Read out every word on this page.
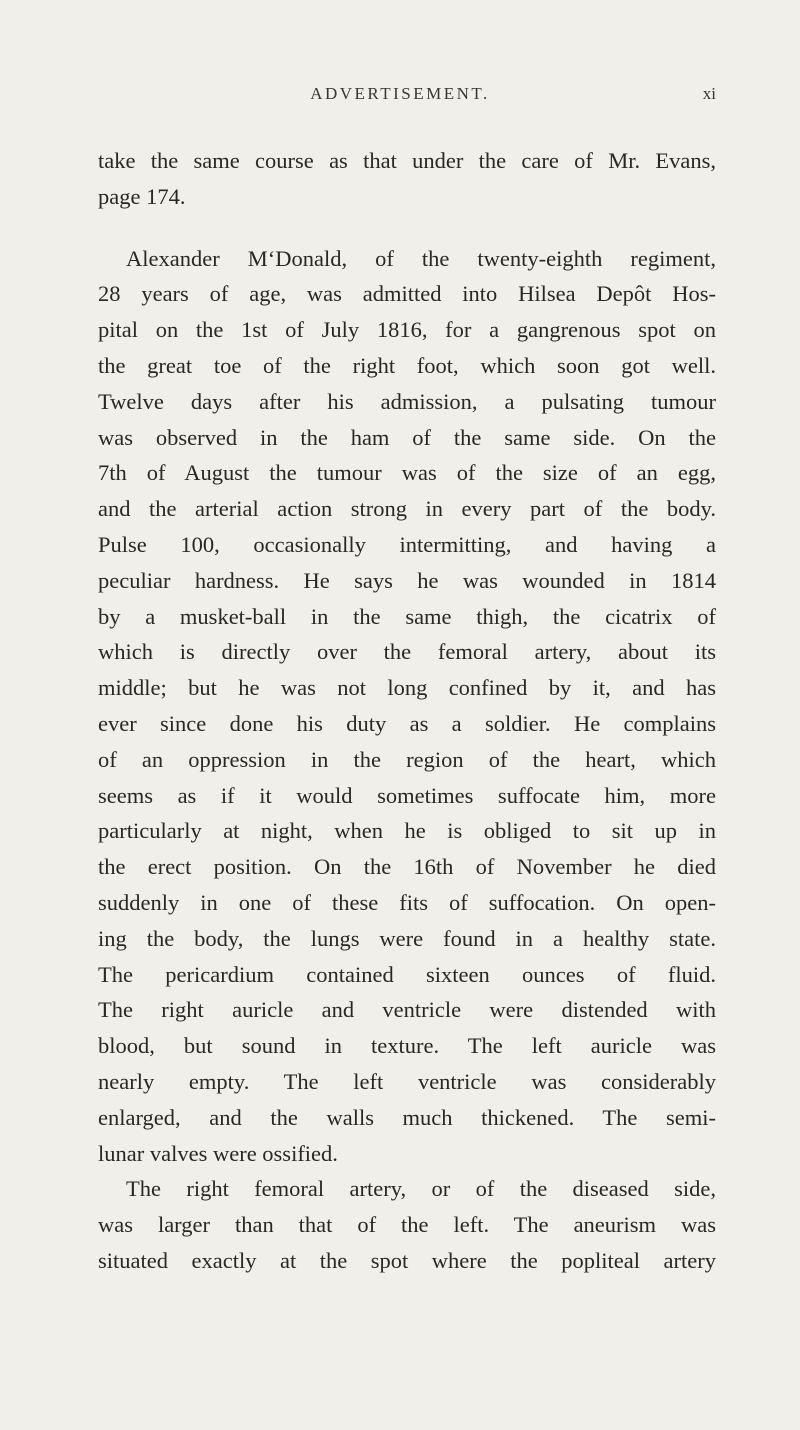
ADVERTISEMENT.	xi
take the same course as that under the care of Mr. Evans,
page 174.
Alexander M‘Donald, of the twenty-eighth regiment,
28 years of age, was admitted into Hilsea Depôt Hos-
pital on the 1st of July 1816, for a gangrenous spot on
the great toe of the right foot, which soon got well.
Twelve days after his admission, a pulsating tumour
was observed in the ham of the same side. On the
7th of August the tumour was of the size of an egg,
and the arterial action strong in every part of the body.
Pulse 100, occasionally intermitting, and having a
peculiar hardness. He says he was wounded in 1814
by a musket-ball in the same thigh, the cicatrix of
which is directly over the femoral artery, about its
middle; but he was not long confined by it, and has
ever since done his duty as a soldier. He complains
of an oppression in the region of the heart, which
seems as if it would sometimes suffocate him, more
particularly at night, when he is obliged to sit up in
the erect position. On the 16th of November he died
suddenly in one of these fits of suffocation. On open-
ing the body, the lungs were found in a healthy state.
The pericardium contained sixteen ounces of fluid.
The right auricle and ventricle were distended with
blood, but sound in texture. The left auricle was
nearly empty. The left ventricle was considerably
enlarged, and the walls much thickened. The semi-
lunar valves were ossified.
The right femoral artery, or of the diseased side,
was larger than that of the left. The aneurism was
situated exactly at the spot where the popliteal artery
